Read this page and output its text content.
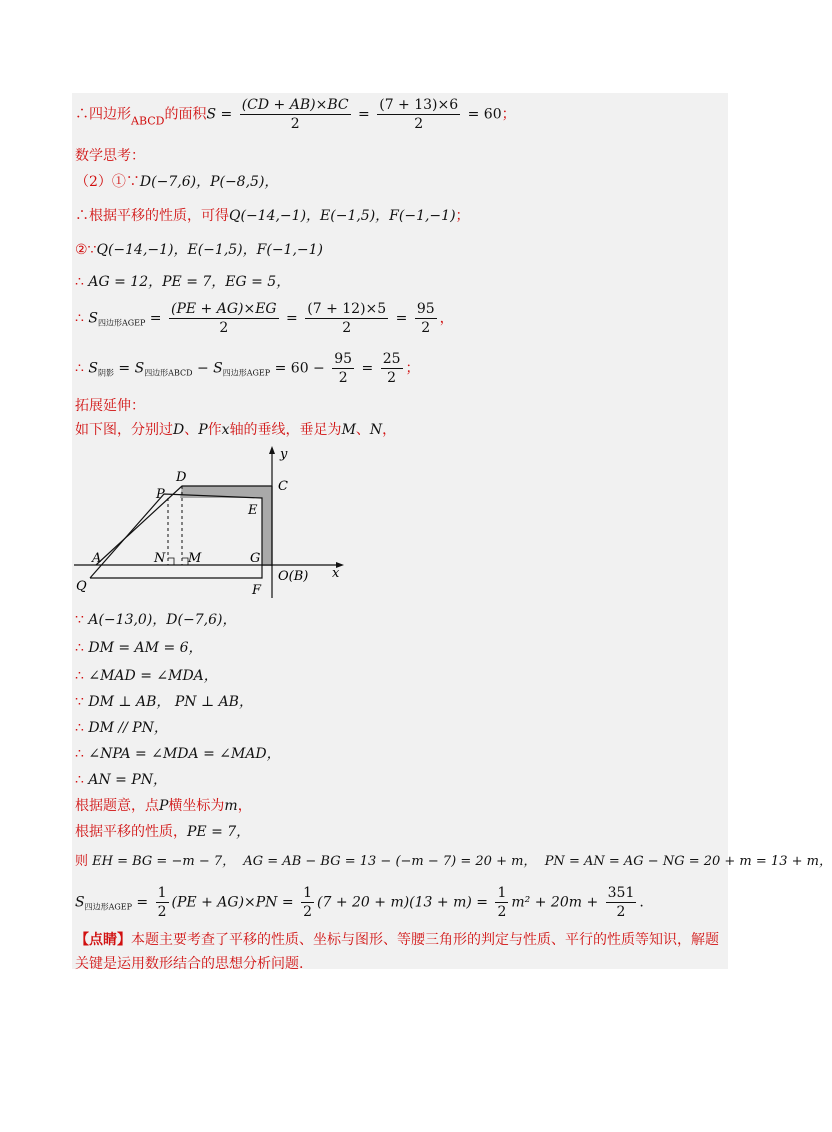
∴四边形$_{ABCD}$的面积$S = \frac{(CD + AB)\times BC}{2} = \frac{(7 + 13)\times 6}{2} = 60$；
数学思考：
（2）①∵D(−7,6)，P(−8,5)，
∴根据平移的性质，可得Q(−14,−1)，E(−1,5)，F(−1,−1)；
②∵Q(−14,−1)，E(−1,5)，F(−1,−1)
∴ AG = 12，PE = 7，EG = 5，
∴ $S_{四边形AGEP} = \frac{(PE + AG)\times EG}{2} = \frac{(7 + 12)\times 5}{2} = \frac{95}{2}$ ，
∴ $S_{阴影} = S_{四边形ABCD} - S_{四边形AGEP} = 60 - \frac{95}{2} = \frac{25}{2}$ ；
拓展延伸：
如下图，分别过D、P作x轴的垂线，垂足为M、N，
y
x
D
C
P
E
A	N M	G
O(B)
Q	F
∵ A(−13,0)，D(−7,6)，
∴ DM = AM = 6，
∴ ∠MAD = ∠MDA，
∵ DM ⊥ AB， PN ⊥ AB，
∴ DM // PN，
∴ ∠NPA = ∠MDA = ∠MAD，
∴ AN = PN，
根据题意，点P横坐标为m，
根据平移的性质，PE = 7，
则 EH = BG = −m − 7， AG = AB − BG = 13 − (−m − 7) = 20 + m， PN = AN = AG − NG = 20 + m = 13 + m，
$S_{四边形AGEP} = \frac{1}{2} (PE + AG)\times PN = \frac{1}{2} (7 + 20 + m)(13 + m) = \frac{1}{2} m^2 + 20m + \frac{351}{2}$ .
【点睛】本题主要考查了平移的性质、坐标与图形、等腰三角形的判定与性质、平行的性质等知识，解题
关键是运用数形结合的思想分析问题.
